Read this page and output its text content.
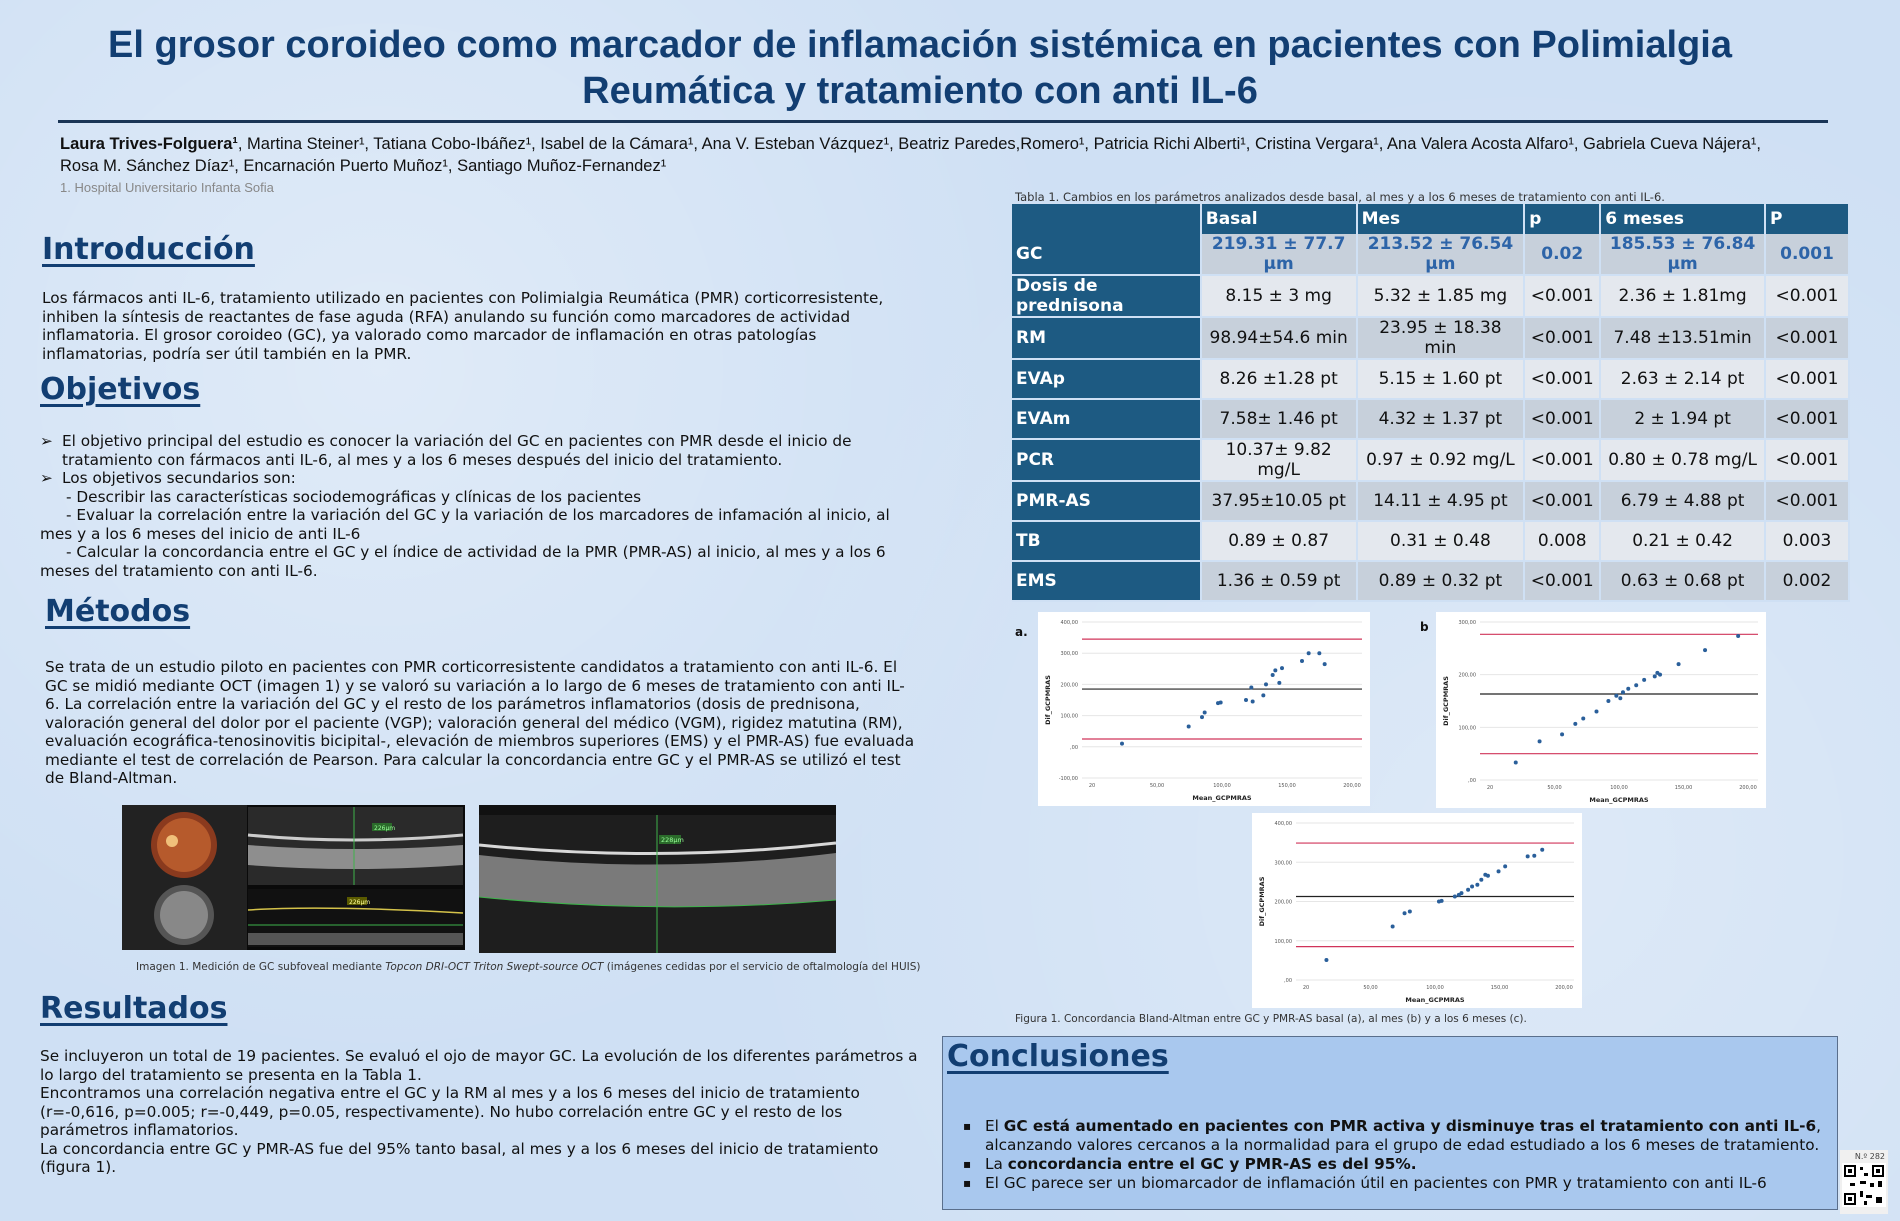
El grosor coroideo como marcador de inflamación sistémica en pacientes con Polimialgia
Reumática y tratamiento con anti IL-6
Laura Trives-Folguera¹, Martina Steiner¹, Tatiana Cobo-Ibáñez¹, Isabel de la Cámara¹, Ana V. Esteban Vázquez¹, Beatriz Paredes,Romero¹, Patricia Richi Alberti¹, Cristina Vergara¹, Ana Valera Acosta Alfaro¹, Gabriela Cueva Nájera¹,
Rosa M. Sánchez Díaz¹, Encarnación Puerto Muñoz¹, Santiago Muñoz-Fernandez¹
1. Hospital Universitario Infanta Sofia
Introducción
Los fármacos anti IL-6, tratamiento utilizado en pacientes con Polimialgia Reumática (PMR) corticorresistente, inhiben la síntesis de reactantes de fase aguda (RFA) anulando su función como marcadores de actividad inflamatoria. El grosor coroideo (GC), ya valorado como marcador de inflamación en otras patologías inflamatorias, podría ser útil también en la PMR.
Objetivos
➢ El objetivo principal del estudio es conocer la variación del GC en pacientes con PMR desde el inicio de tratamiento con fármacos anti IL-6, al mes y a los 6 meses después del inicio del tratamiento.
➢ Los objetivos secundarios son:
- Describir las características sociodemográficas y clínicas de los pacientes
- Evaluar la correlación entre la variación del GC y la variación de los marcadores de infamación al inicio, al mes y a los 6 meses del inicio de anti IL-6
- Calcular la concordancia entre el GC y el índice de actividad de la PMR (PMR-AS) al inicio, al mes y a los 6 meses del tratamiento con anti IL-6.
Métodos
Se trata de un estudio piloto en pacientes con PMR corticorresistente candidatos a tratamiento con anti IL-6. El GC se midió mediante OCT (imagen 1) y se valoró su variación a lo largo de 6 meses de tratamiento con anti IL-6. La correlación entre la variación del GC y el resto de los parámetros inflamatorios (dosis de prednisona, valoración general del dolor por el paciente (VGP); valoración general del médico (VGM), rigidez matutina (RM), evaluación ecográfica-tenosinovitis bicipital-, elevación de miembros superiores (EMS) y el PMR-AS) fue evaluada mediante el test de correlación de Pearson. Para calcular la concordancia entre GC y el PMR-AS se utilizó el test de Bland-Altman.
226µm
226µm
228µm
Imagen 1. Medición de GC subfoveal mediante Topcon DRI-OCT Triton Swept-source OCT (imágenes cedidas por el servicio de oftalmología del HUIS)
Resultados

Se incluyeron un total de 19 pacientes. Se evaluó el ojo de mayor GC. La evolución de los diferentes parámetros a lo largo del tratamiento se presenta en la Tabla 1.

Encontramos una correlación negativa entre el GC y la RM al mes y a los 6 meses del inicio de tratamiento

(r=-0,616, p=0.005; r=-0,449, p=0.05, respectivamente). No hubo correlación entre GC y el resto de los parámetros inflamatorios.

La concordancia entre GC y PMR-AS fue del 95% tanto basal, al mes y a los 6 meses del inicio de tratamiento (figura 1).

Tabla 1. Cambios en los parámetros analizados desde basal, al mes y a los 6 meses de tratamiento con anti IL-6.
	Basal	Mes	p	6 meses	P
GC	219.31 ± 77.7 µm	213.52 ± 76.54 µm	0.02	185.53 ± 76.84 µm	0.001
Dosis de prednisona	8.15 ± 3 mg	5.32 ± 1.85 mg	<0.001	2.36 ± 1.81mg	<0.001
RM	98.94±54.6 min	23.95 ± 18.38 min	<0.001	7.48 ±13.51min	<0.001
EVAp	8.26 ±1.28 pt	5.15 ± 1.60 pt	<0.001	2.63 ± 2.14 pt	<0.001
EVAm	7.58± 1.46 pt	4.32 ± 1.37 pt	<0.001	2 ± 1.94 pt	<0.001
PCR	10.37± 9.82 mg/L	0.97 ± 0.92 mg/L	<0.001	0.80 ± 0.78 mg/L	<0.001
PMR-AS	37.95±10.05 pt	14.11 ± 4.95 pt	<0.001	6.79 ± 4.88 pt	<0.001
TB	0.89 ± 0.87	0.31 ± 0.48	0.008	0.21 ± 0.42	0.003
EMS	1.36 ± 0.59 pt	0.89 ± 0.32 pt	<0.001	0.63 ± 0.68 pt	0.002
a.
400,00
300,00
200,00
100,00
,00
-100,00
20	50,00	100,00	150,00	200,00
Mean_GCPMRAS
Dif_GCPMRAS
b	300,00
200,00
100,00
,00
20	50,00	100,00	150,00	200,00
Mean_GCPMRAS
Dif_GCPMRAS
400,00
300,00
200,00
100,00
,00
20	50,00	100,00	150,00	200,00
Mean_GCPMRAS
Dif_GCPMRAS
Figura 1. Concordancia Bland-Altman entre GC y PMR-AS basal (a), al mes (b) y a los 6 meses (c).
Conclusiones
▪ El GC está aumentado en pacientes con PMR activa y disminuye tras el tratamiento con anti IL-6, alcanzando valores cercanos a la normalidad para el grupo de edad estudiado a los 6 meses de tratamiento.
▪ La concordancia entre el GC y PMR-AS es del 95%.
▪ El GC parece ser un biomarcador de inflamación útil en pacientes con PMR y tratamiento con anti IL-6
N.º 282
